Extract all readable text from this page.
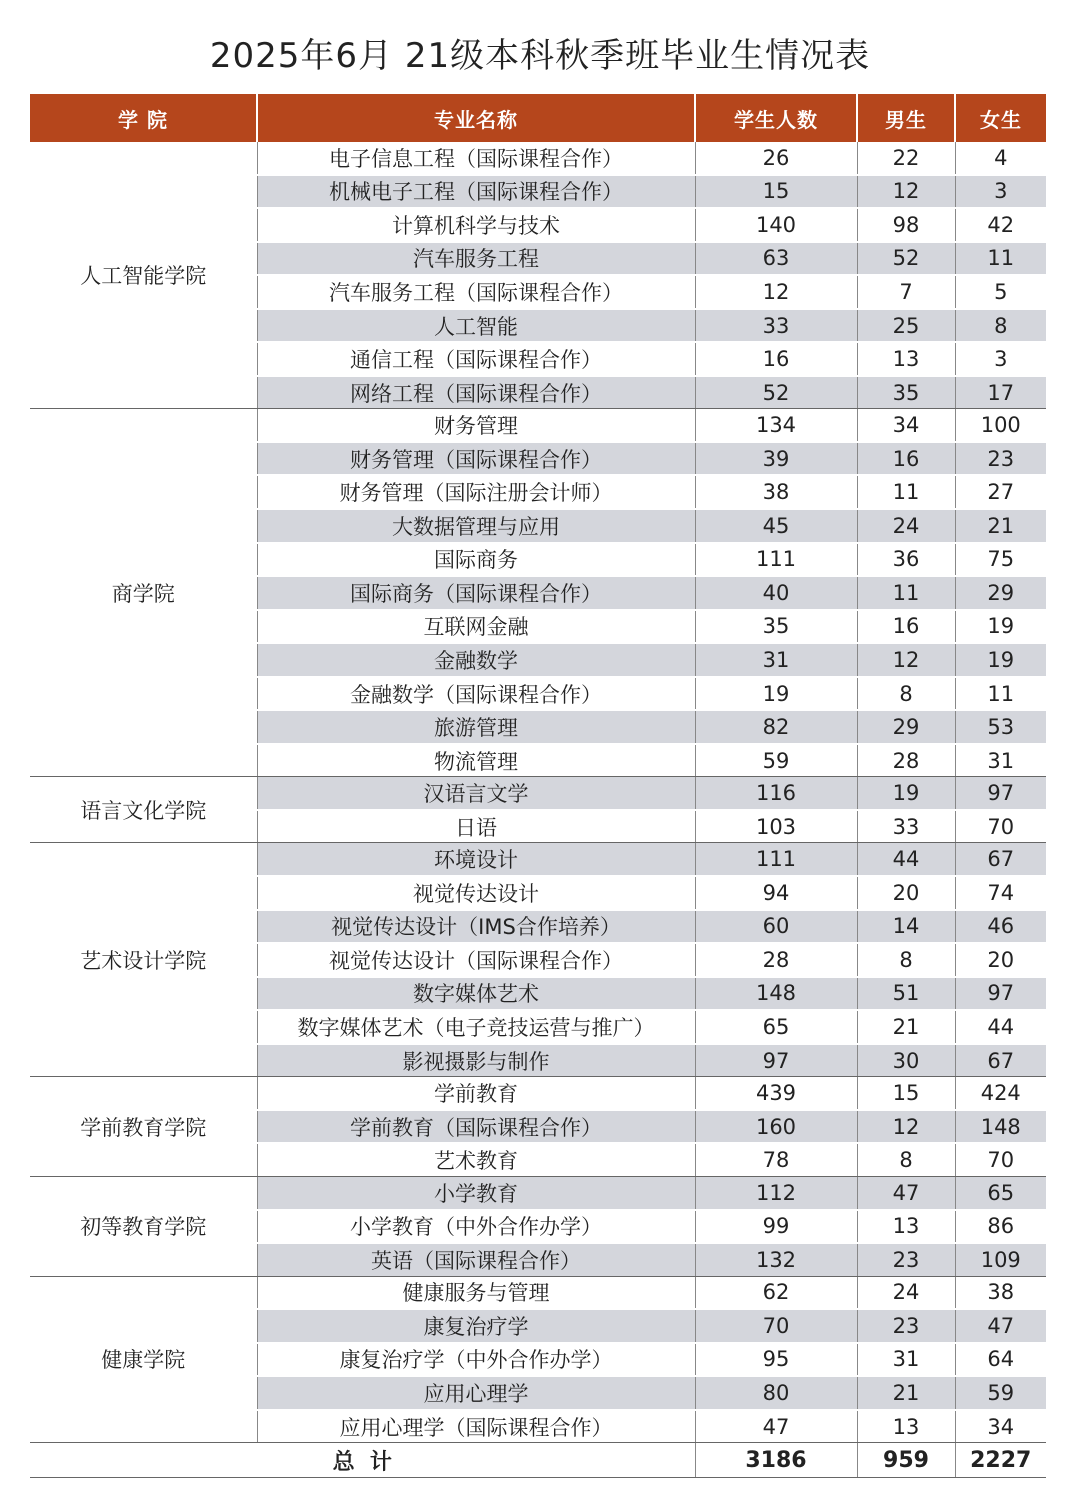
2025年6月 21级本科秋季班毕业生情况表
学 院	专业名称	学生人数	男生	女生
人工智能学院	电子信息工程（国际课程合作）	26	22	4
	机械电子工程（国际课程合作）	15	12	3
	计算机科学与技术	140	98	42
	汽车服务工程	63	52	11
	汽车服务工程（国际课程合作）	12	7	5
	人工智能	33	25	8
	通信工程（国际课程合作）	16	13	3
	网络工程（国际课程合作）	52	35	17
商学院	财务管理	134	34	100
	财务管理（国际课程合作）	39	16	23
	财务管理（国际注册会计师）	38	11	27
	大数据管理与应用	45	24	21
	国际商务	111	36	75
	国际商务（国际课程合作）	40	11	29
	互联网金融	35	16	19
	金融数学	31	12	19
	金融数学（国际课程合作）	19	8	11
	旅游管理	82	29	53
	物流管理	59	28	31
语言文化学院	汉语言文学	116	19	97
	日语	103	33	70
艺术设计学院	环境设计	111	44	67
	视觉传达设计	94	20	74
	视觉传达设计（IMS合作培养）	60	14	46
	视觉传达设计（国际课程合作）	28	8	20
	数字媒体艺术	148	51	97
	数字媒体艺术（电子竞技运营与推广）	65	21	44
	影视摄影与制作	97	30	67
学前教育学院	学前教育	439	15	424
	学前教育（国际课程合作）	160	12	148
	艺术教育	78	8	70
初等教育学院	小学教育	112	47	65
	小学教育（中外合作办学）	99	13	86
	英语（国际课程合作）	132	23	109
健康学院	健康服务与管理	62	24	38
	康复治疗学	70	23	47
	康复治疗学（中外合作办学）	95	31	64
	应用心理学	80	21	59
	应用心理学（国际课程合作）	47	13	34
总  计		3186	959	2227
